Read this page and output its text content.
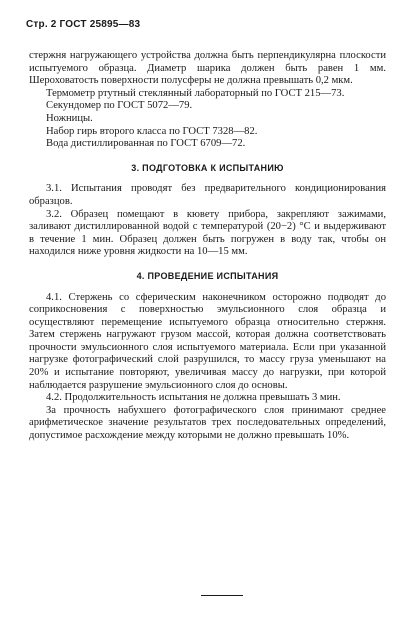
Стр. 2 ГОСТ 25895—83

стержня нагружающего устройства должна быть перпендикулярна плоскости испытуемого образца. Диаметр шарика должен быть равен 1 мм. Шероховатость поверхности полусферы не должна превышать 0,2 мкм.

Термометр ртутный стеклянный лабораторный по ГОСТ 215—73.

Секундомер по ГОСТ 5072—79.

Ножницы.

Набор гирь второго класса по ГОСТ 7328—82.

Вода дистиллированная по ГОСТ 6709—72.

3. ПОДГОТОВКА К ИСПЫТАНИЮ

3.1. Испытания проводят без предварительного кондиционирования образцов.

3.2. Образец помещают в кювету прибора, закрепляют зажимами, заливают дистиллированной водой с температурой (20−2) °С и выдерживают в течение 1 мин. Образец должен быть погружен в воду так, чтобы он находился ниже уровня жидкости на 10—15 мм.

4. ПРОВЕДЕНИЕ ИСПЫТАНИЯ

4.1. Стержень со сферическим наконечником осторожно подводят до соприкосновения с поверхностью эмульсионного слоя образца и осуществляют перемещение испытуемого образца относительно стержня. Затем стержень нагружают грузом массой, которая должна соответствовать прочности эмульсионного слоя испытуемого материала. Если при указанной нагрузке фотографический слой разрушился, то массу груза уменьшают на 20% и испытание повторяют, увеличивая массу до нагрузки, при которой наблюдается разрушение эмульсионного слоя до основы.

4.2. Продолжительность испытания не должна превышать 3 мин.

За прочность набухшего фотографического слоя принимают среднее арифметическое значение результатов трех последовательных определений, допустимое расхождение между которыми не должно превышать 10%.
